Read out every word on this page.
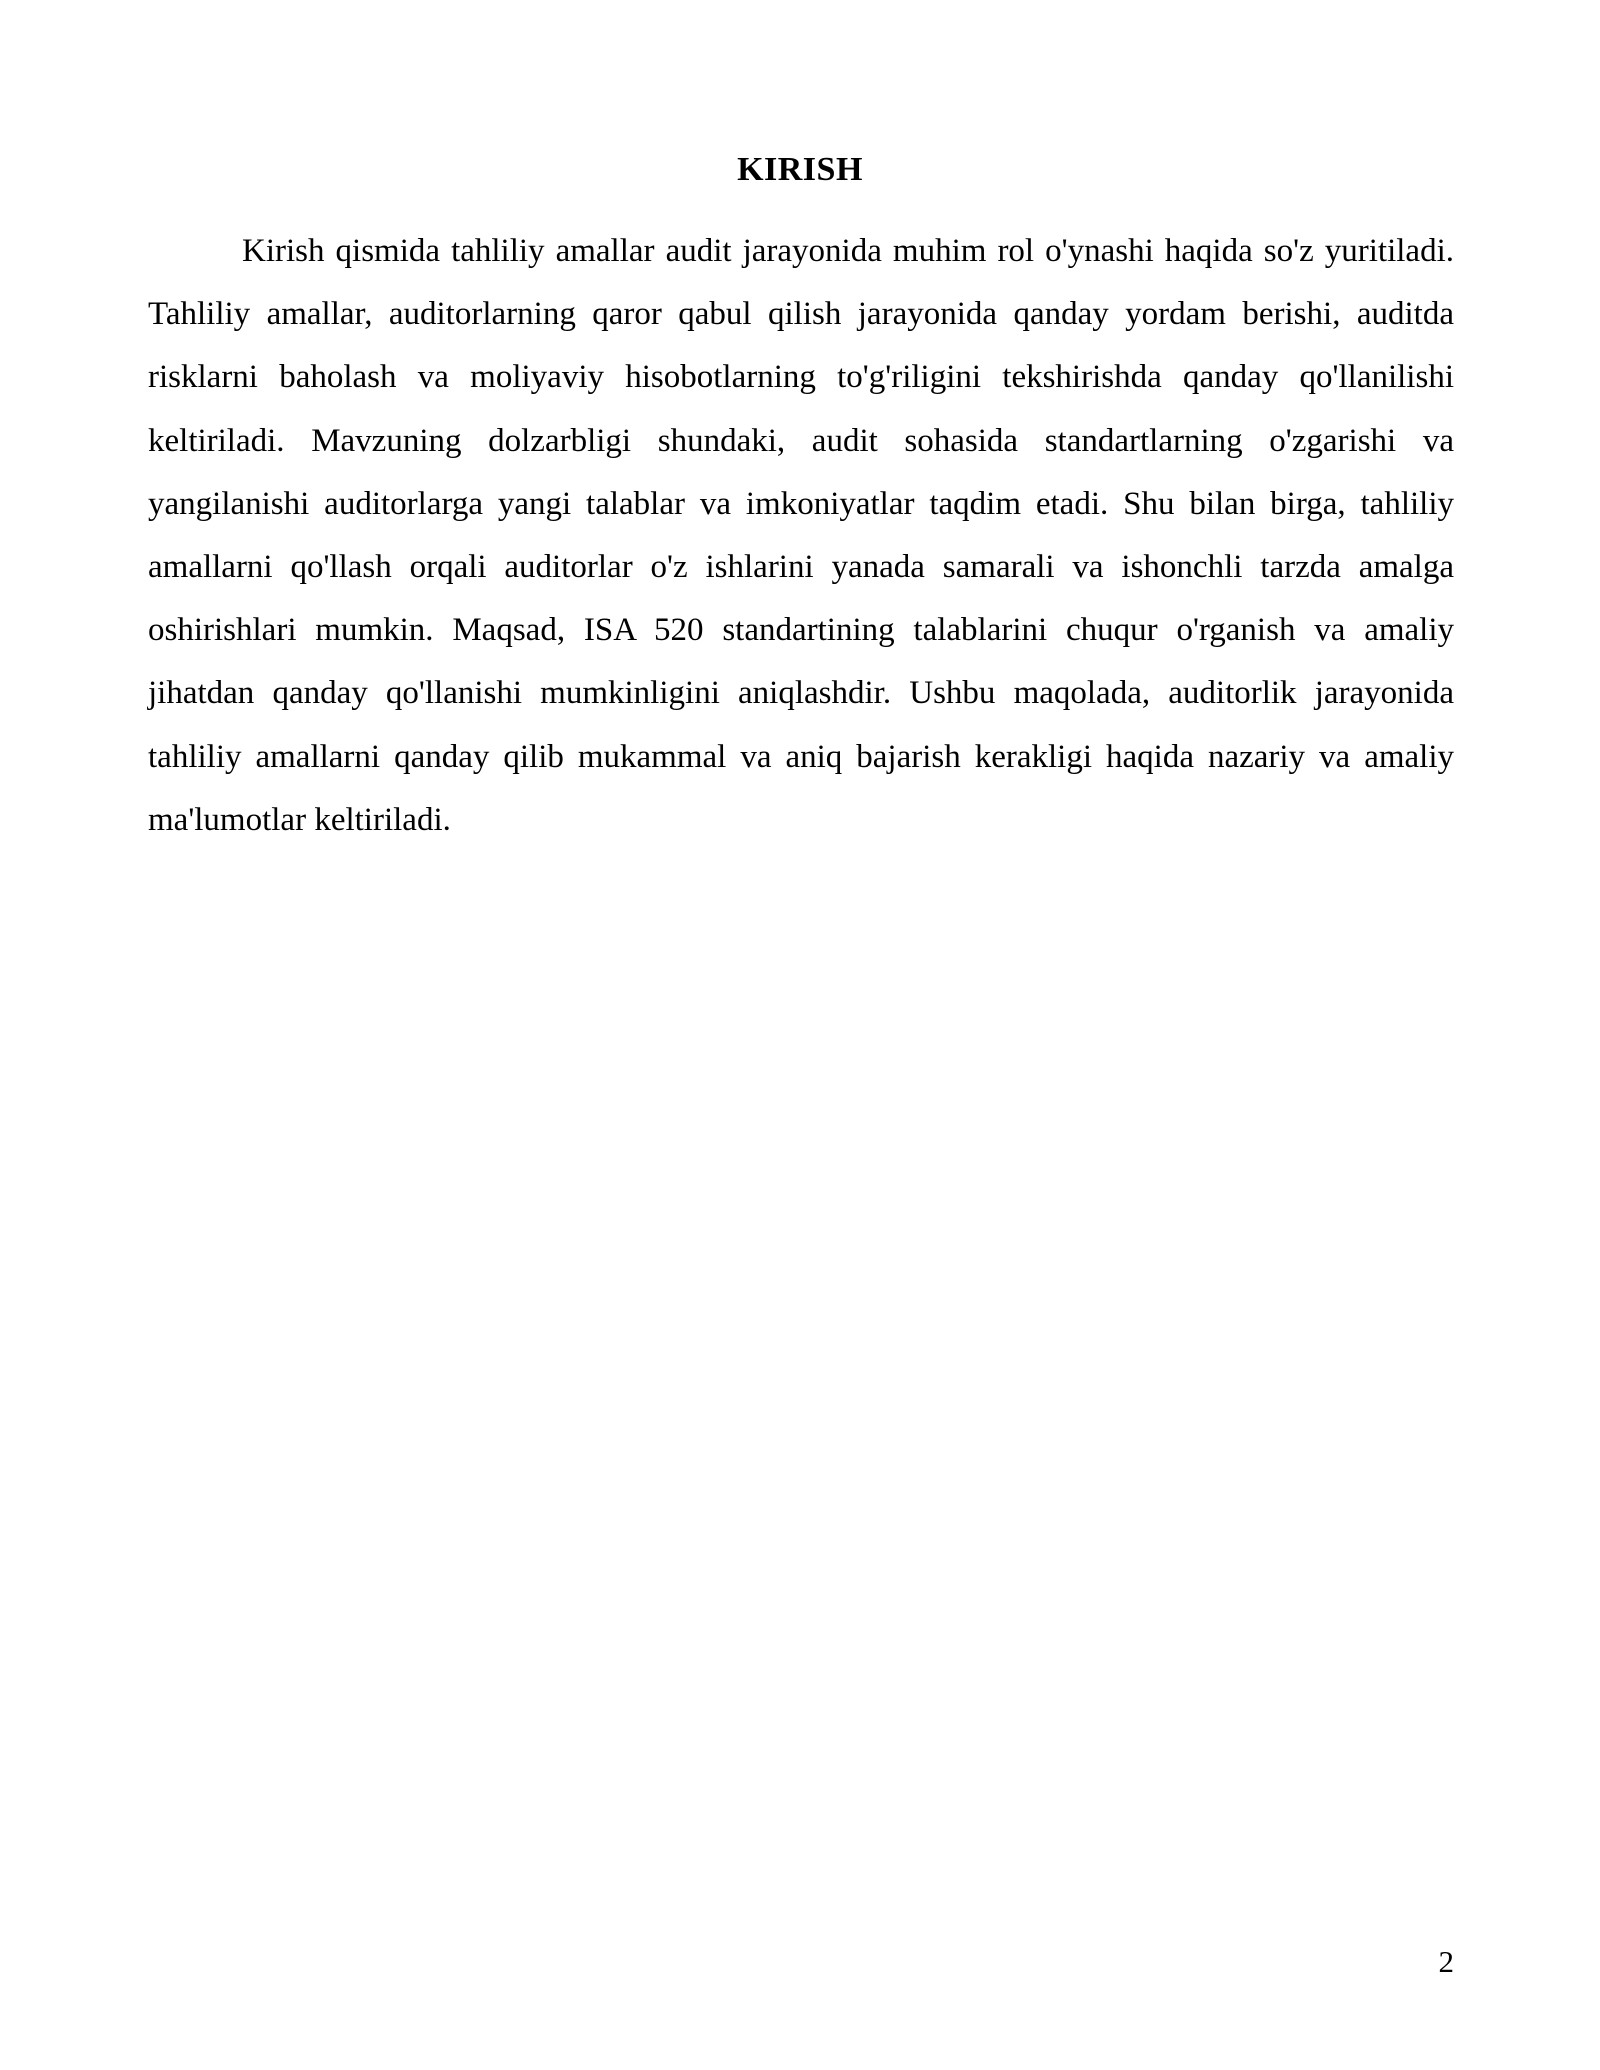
KIRISH

Kirish qismida tahliliy amallar audit jarayonida muhim rol o'ynashi haqida so'z yuritiladi. Tahliliy amallar, auditorlarning qaror qabul qilish jarayonida qanday yordam berishi, auditda risklarni baholash va moliyaviy hisobotlarning to'g'riligini tekshirishda qanday qo'llanilishi keltiriladi. Mavzuning dolzarbligi shundaki, audit sohasida standartlarning o'zgarishi va yangilanishi auditorlarga yangi talablar va imkoniyatlar taqdim etadi. Shu bilan birga, tahliliy amallarni qo'llash orqali auditorlar o'z ishlarini yanada samarali va ishonchli tarzda amalga oshirishlari mumkin. Maqsad, ISA 520 standartining talablarini chuqur o'rganish va amaliy jihatdan qanday qo'llanishi mumkinligini aniqlashdir. Ushbu maqolada, auditorlik jarayonida tahliliy amallarni qanday qilib mukammal va aniq bajarish kerakligi haqida nazariy va amaliy ma'lumotlar keltiriladi.

2
